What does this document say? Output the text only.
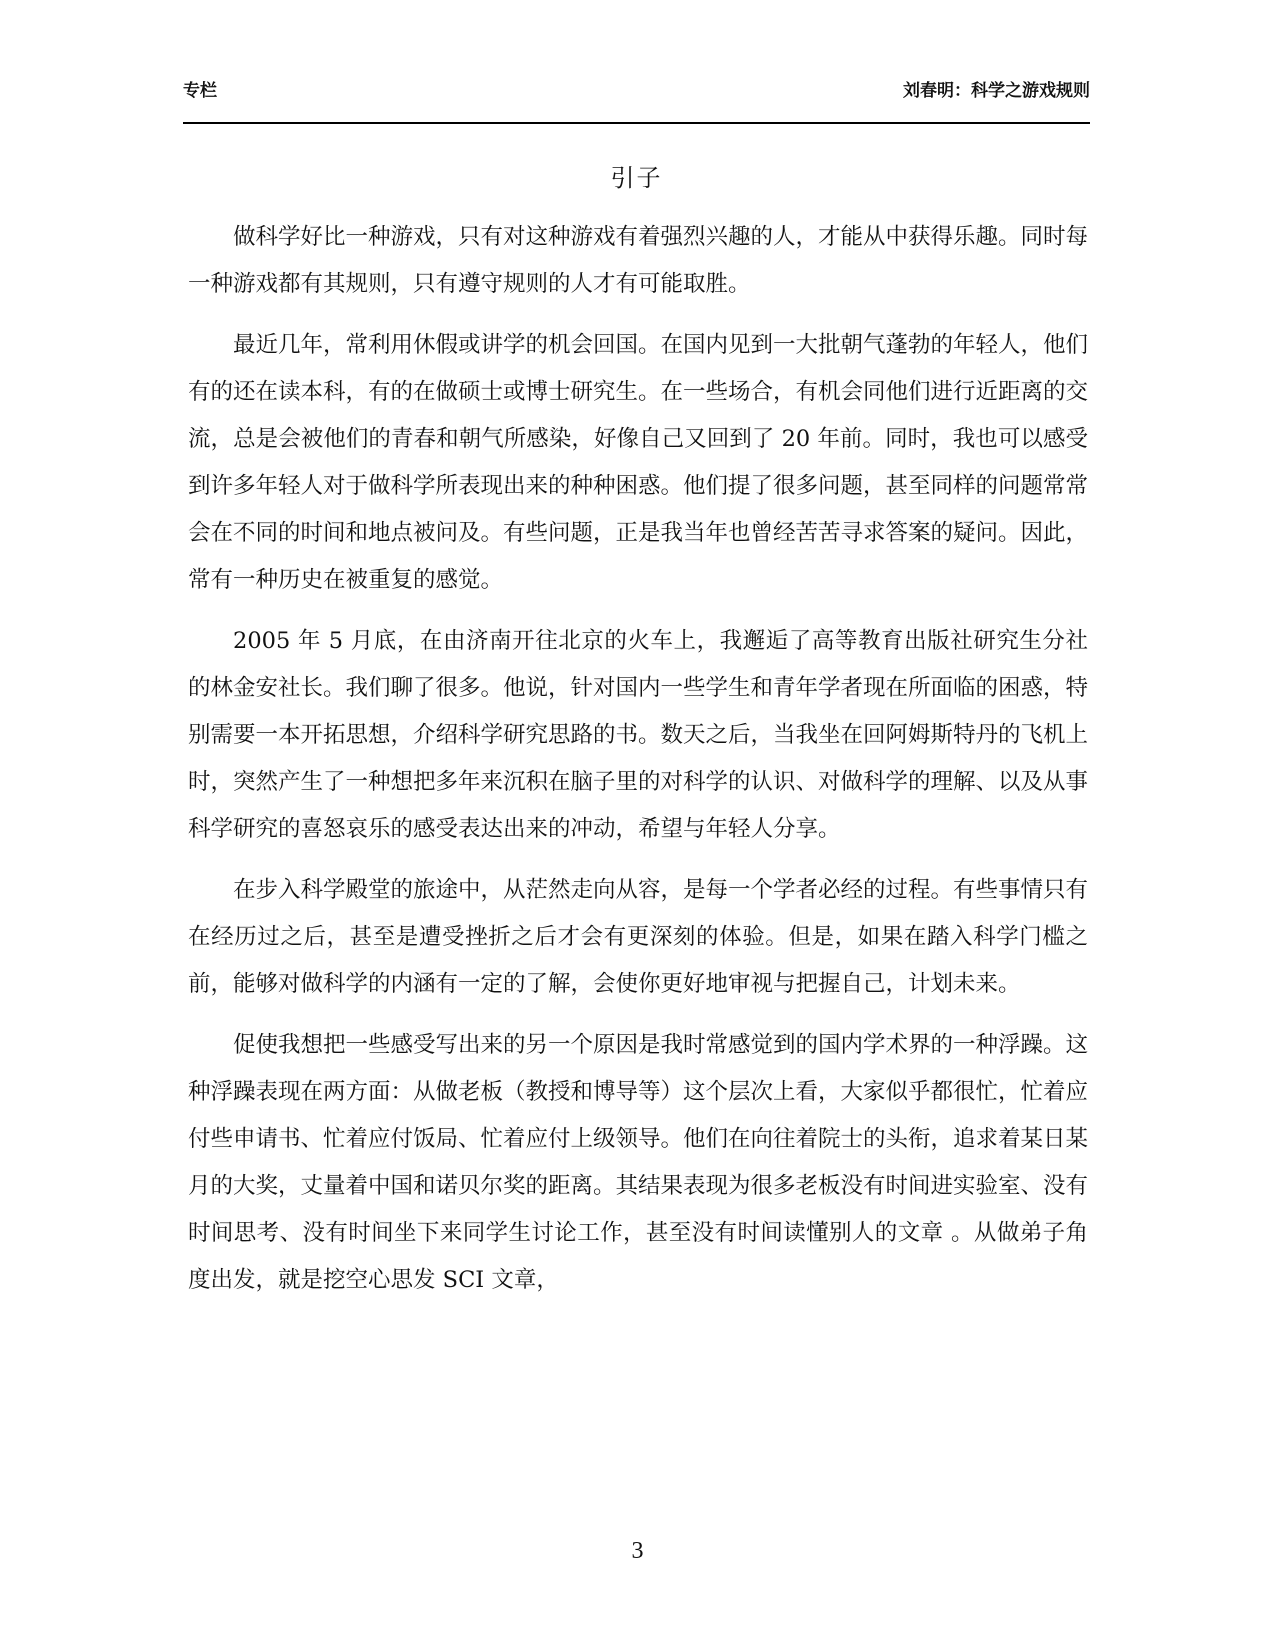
专栏	刘春明：科学之游戏规则
引子

做科学好比一种游戏，只有对这种游戏有着强烈兴趣的人，才能从中获得乐趣。同时每一种游戏都有其规则，只有遵守规则的人才有可能取胜。

最近几年，常利用休假或讲学的机会回国。在国内见到一大批朝气蓬勃的年轻人，他们有的还在读本科，有的在做硕士或博士研究生。在一些场合，有机会同他们进行近距离的交流，总是会被他们的青春和朝气所感染，好像自己又回到了 20 年前。同时，我也可以感受到许多年轻人对于做科学所表现出来的种种困惑。他们提了很多问题，甚至同样的问题常常会在不同的时间和地点被问及。有些问题，正是我当年也曾经苦苦寻求答案的疑问。因此，常有一种历史在被重复的感觉。

2005 年 5 月底，在由济南开往北京的火车上，我邂逅了高等教育出版社研究生分社的林金安社长。我们聊了很多。他说，针对国内一些学生和青年学者现在所面临的困惑，特别需要一本开拓思想，介绍科学研究思路的书。数天之后，当我坐在回阿姆斯特丹的飞机上时，突然产生了一种想把多年来沉积在脑子里的对科学的认识、对做科学的理解、以及从事科学研究的喜怒哀乐的感受表达出来的冲动，希望与年轻人分享。

在步入科学殿堂的旅途中，从茫然走向从容，是每一个学者必经的过程。有些事情只有在经历过之后，甚至是遭受挫折之后才会有更深刻的体验。但是，如果在踏入科学门槛之前，能够对做科学的内涵有一定的了解，会使你更好地审视与把握自己，计划未来。

促使我想把一些感受写出来的另一个原因是我时常感觉到的国内学术界的一种浮躁。这种浮躁表现在两方面：从做老板（教授和博导等）这个层次上看，大家似乎都很忙，忙着应付些申请书、忙着应付饭局、忙着应付上级领导。他们在向往着院士的头衔，追求着某日某月的大奖，丈量着中国和诺贝尔奖的距离。其结果表现为很多老板没有时间进实验室、没有时间思考、没有时间坐下来同学生讨论工作，甚至没有时间读懂别人的文章 。从做弟子角度出发，就是挖空心思发 SCI 文章，

3
